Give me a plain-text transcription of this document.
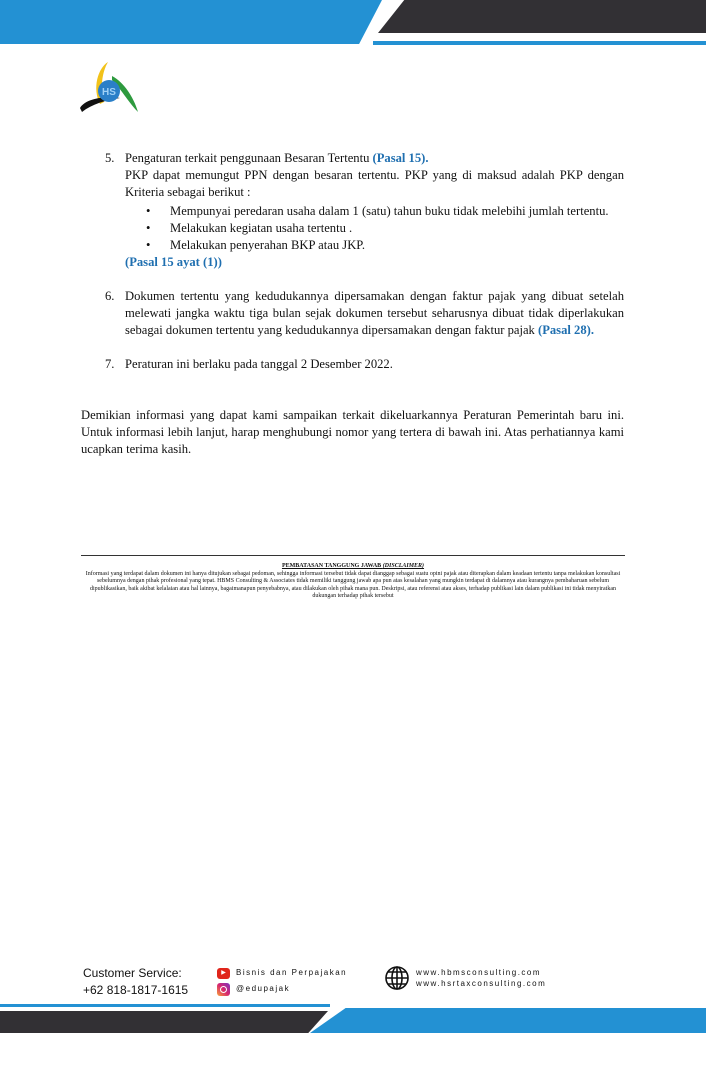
HS
5. Pengaturan terkait penggunaan Besaran Tertentu (Pasal 15).
PKP dapat memungut PPN dengan besaran tertentu. PKP yang di maksud adalah PKP dengan Kriteria sebagai berikut :
• Mempunyai peredaran usaha dalam 1 (satu) tahun buku tidak melebihi jumlah tertentu.
• Melakukan kegiatan usaha tertentu .
• Melakukan penyerahan BKP atau JKP.
(Pasal 15 ayat (1))
6. Dokumen tertentu yang kedudukannya dipersamakan dengan faktur pajak yang dibuat setelah melewati jangka waktu tiga bulan sejak dokumen tersebut seharusnya dibuat tidak diperlakukan sebagai dokumen tertentu yang kedudukannya dipersamakan dengan faktur pajak (Pasal 28).
7. Peraturan ini berlaku pada tanggal 2 Desember 2022.
Demikian informasi yang dapat kami sampaikan terkait dikeluarkannya Peraturan Pemerintah baru ini. Untuk informasi lebih lanjut, harap menghubungi nomor yang tertera di bawah ini. Atas perhatiannya kami ucapkan terima kasih.
PEMBATASAN TANGGUNG JAWAB (DISCLAIMER)
Informasi yang terdapat dalam dokumen ini hanya ditujukan sebagai pedoman, sehingga informasi tersebut tidak dapat dianggap sebagai suatu opini pajak atau diterapkan dalam keadaan tertentu tanpa melakukan konsultasi sebelumnya dengan pihak profesional yang tepat. HBMS Consulting & Associates tidak memiliki tanggung jawab apa pun atas kesalahan yang mungkin terdapat di dalamnya atau kurangnya pembaharuan sebelum dipublikasikan, baik akibat kelalaian atau hal lainnya, bagaimanapun penyebabnya, atau dilakukan oleh pihak mana pun. Deskripsi, atau referensi atau akses, terhadap publikasi lain dalam publikasi ini tidak menyiratkan dukungan terhadap pihak tersebut
Customer Service:
+62 818-1817-1615
▶	Bisnis dan Perpajakan
@edupajak
www.hbmsconsulting.com
www.hsrtaxconsulting.com
